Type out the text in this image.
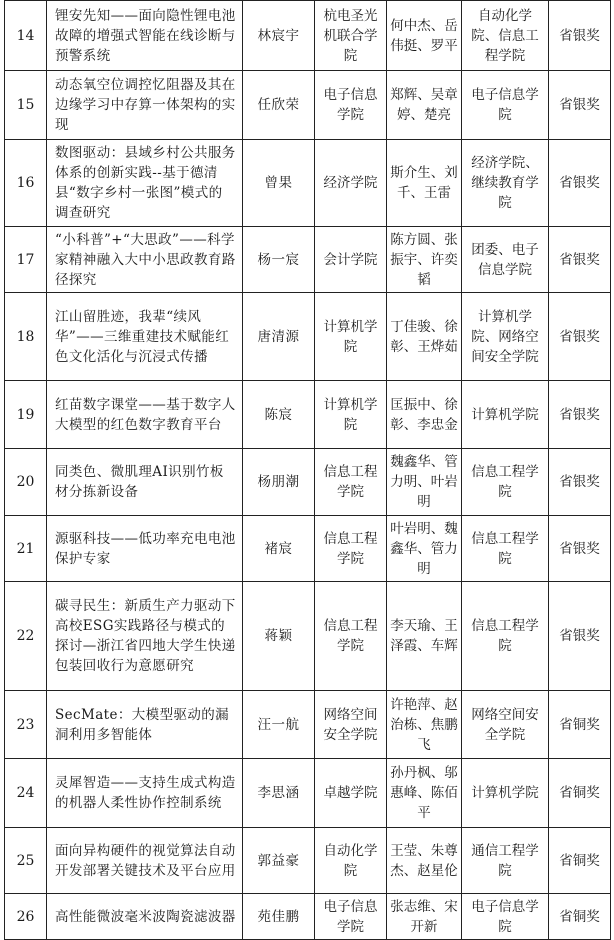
14	锂安先知——面向隐性锂电池故障的增强式智能在线诊断与预警系统	林宸宇	杭电圣光机联合学院	何中杰、岳伟挺、罗平	自动化学院、信息工程学院	省银奖
15	动态氧空位调控忆阻器及其在边缘学习中存算一体架构的实现	任欣荣	电子信息学院	郑辉、吴章婷、楚亮	电子信息学院	省银奖
16	数图驱动：县域乡村公共服务体系的创新实践--基于德清县“数字乡村一张图”模式的调查研究	曾果	经济学院	斯介生、刘千、王雷	经济学院、继续教育学院	省银奖
17	“小科普”+“大思政”——科学家精神融入大中小思政教育路径探究	杨一宸	会计学院	陈方圆、张振宇、许奕韬	团委、电子信息学院	省银奖
18	江山留胜迹，我辈“续风华”——三维重建技术赋能红色文化活化与沉浸式传播	唐清源	计算机学院	丁佳骏、徐彰、王烨茹	计算机学院、网络空间安全学院	省银奖
19	红苗数字课堂——基于数字人大模型的红色数字教育平台	陈宸	计算机学院	匡振中、徐彰、李忠金	计算机学院	省银奖
20	同类色、微肌理AI识别竹板材分拣新设备	杨朋潮	信息工程学院	魏鑫华、管力明、叶岩明	信息工程学院	省银奖
21	源驱科技——低功率充电电池保护专家	褚宸	信息工程学院	叶岩明、魏鑫华、管力明	信息工程学院	省银奖
22	碳寻民生：新质生产力驱动下高校ESG实践路径与模式的探讨—浙江省四地大学生快递包装回收行为意愿研究	蒋颖	信息工程学院	李天瑜、王泽霞、车辉	信息工程学院	省银奖
23	SecMate：大模型驱动的漏洞利用多智能体	汪一航	网络空间安全学院	许艳萍、赵治栋、焦鹏飞	网络空间安全学院	省铜奖
24	灵犀智造——支持生成式构造的机器人柔性协作控制系统	李思涵	卓越学院	孙丹枫、邬惠峰、陈佰平	计算机学院	省铜奖
25	面向异构硬件的视觉算法自动开发部署关键技术及平台应用	郭益豪	自动化学院	王莹、朱尊杰、赵星伦	通信工程学院	省铜奖
26	高性能微波毫米波陶瓷滤波器	苑佳鹏	电子信息学院	张志维、宋开新	电子信息学院	省铜奖
